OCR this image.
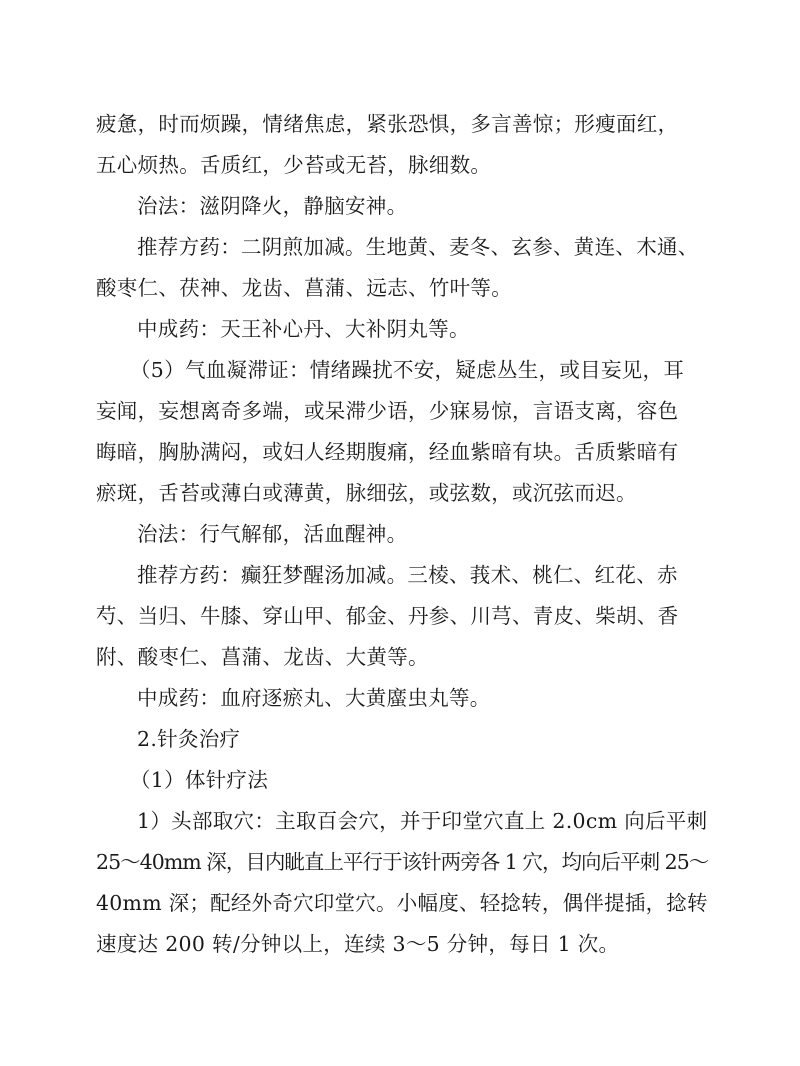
疲惫，时而烦躁，情绪焦虑，紧张恐惧，多言善惊；形瘦面红，
五心烦热。舌质红，少苔或无苔，脉细数。
治法：滋阴降火，静脑安神。
推荐方药：二阴煎加减。生地黄、麦冬、玄参、黄连、木通、
酸枣仁、茯神、龙齿、菖蒲、远志、竹叶等。
中成药：天王补心丹、大补阴丸等。
（5）气血凝滞证：情绪躁扰不安，疑虑丛生，或目妄见，耳
妄闻，妄想离奇多端，或呆滞少语，少寐易惊，言语支离，容色
晦暗，胸胁满闷，或妇人经期腹痛，经血紫暗有块。舌质紫暗有
瘀斑，舌苔或薄白或薄黄，脉细弦，或弦数，或沉弦而迟。
治法：行气解郁，活血醒神。
推荐方药：癫狂梦醒汤加减。三棱、莪术、桃仁、红花、赤
芍、当归、牛膝、穿山甲、郁金、丹参、川芎、青皮、柴胡、香
附、酸枣仁、菖蒲、龙齿、大黄等。
中成药：血府逐瘀丸、大黄䗪虫丸等。
2.针灸治疗
（1）体针疗法
1）头部取穴：主取百会穴，并于印堂穴直上 2.0cm 向后平刺
25～40mm 深，目内眦直上平行于该针两旁各 1 穴，均向后平刺 25～
40mm 深；配经外奇穴印堂穴。小幅度、轻捻转，偶伴提插，捻转
速度达 200 转/分钟以上，连续 3～5 分钟，每日 1 次。
